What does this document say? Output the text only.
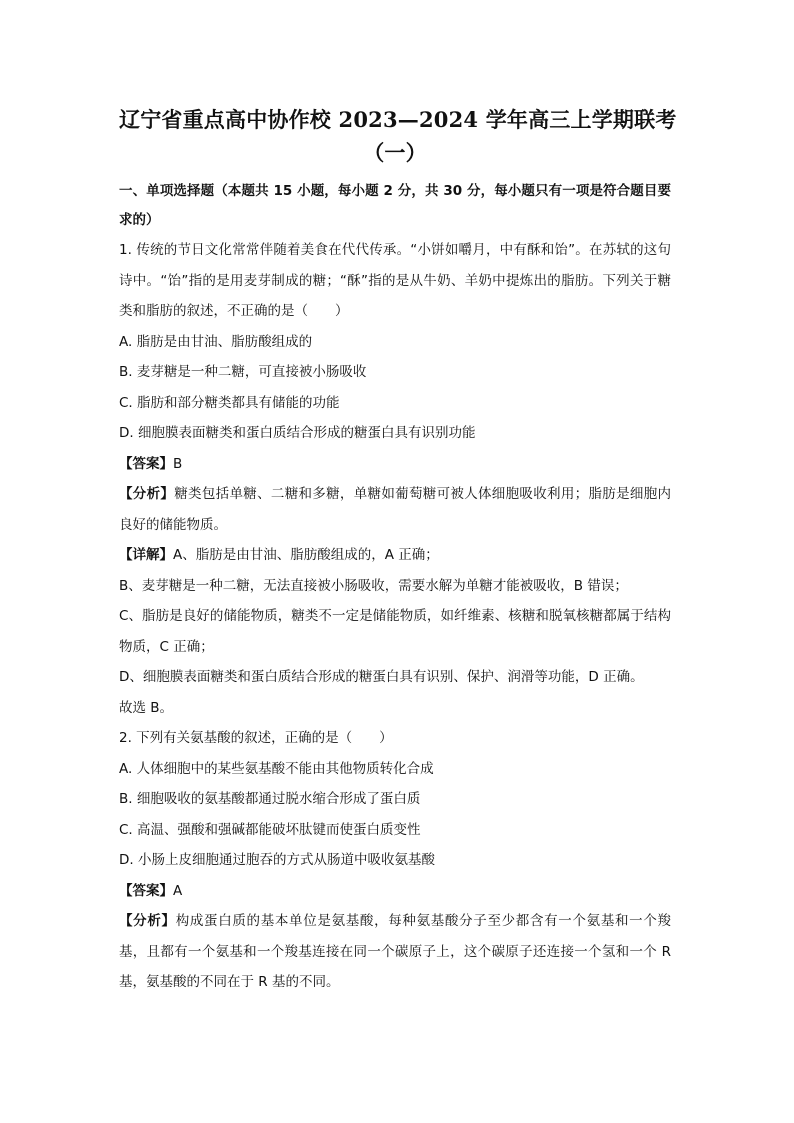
辽宁省重点高中协作校 2023—2024 学年高三上学期联考
（一）
一、单项选择题（本题共 15 小题，每小题 2 分，共 30 分，每小题只有一项是符合题目要求的）
1. 传统的节日文化常常伴随着美食在代代传承。“小饼如嚼月，中有酥和饴”。在苏轼的这句诗中。“饴”指的是用麦芽制成的糖；“酥”指的是从牛奶、羊奶中提炼出的脂肪。下列关于糖类和脂肪的叙述，不正确的是（　　）
A. 脂肪是由甘油、脂肪酸组成的
B. 麦芽糖是一种二糖，可直接被小肠吸收
C. 脂肪和部分糖类都具有储能的功能
D. 细胞膜表面糖类和蛋白质结合形成的糖蛋白具有识别功能
【答案】B
【分析】糖类包括单糖、二糖和多糖，单糖如葡萄糖可被人体细胞吸收利用；脂肪是细胞内良好的储能物质。
【详解】A、脂肪是由甘油、脂肪酸组成的，A 正确；
B、麦芽糖是一种二糖，无法直接被小肠吸收，需要水解为单糖才能被吸收，B 错误；
C、脂肪是良好的储能物质，糖类不一定是储能物质，如纤维素、核糖和脱氧核糖都属于结构物质，C 正确；
D、细胞膜表面糖类和蛋白质结合形成的糖蛋白具有识别、保护、润滑等功能，D 正确。
故选 B。
2. 下列有关氨基酸的叙述，正确的是（　　）
A. 人体细胞中的某些氨基酸不能由其他物质转化合成
B. 细胞吸收的氨基酸都通过脱水缩合形成了蛋白质
C. 高温、强酸和强碱都能破坏肽键而使蛋白质变性
D. 小肠上皮细胞通过胞吞的方式从肠道中吸收氨基酸
【答案】A
【分析】构成蛋白质的基本单位是氨基酸，每种氨基酸分子至少都含有一个氨基和一个羧基，且都有一个氨基和一个羧基连接在同一个碳原子上，这个碳原子还连接一个氢和一个 R 基，氨基酸的不同在于 R 基的不同。
